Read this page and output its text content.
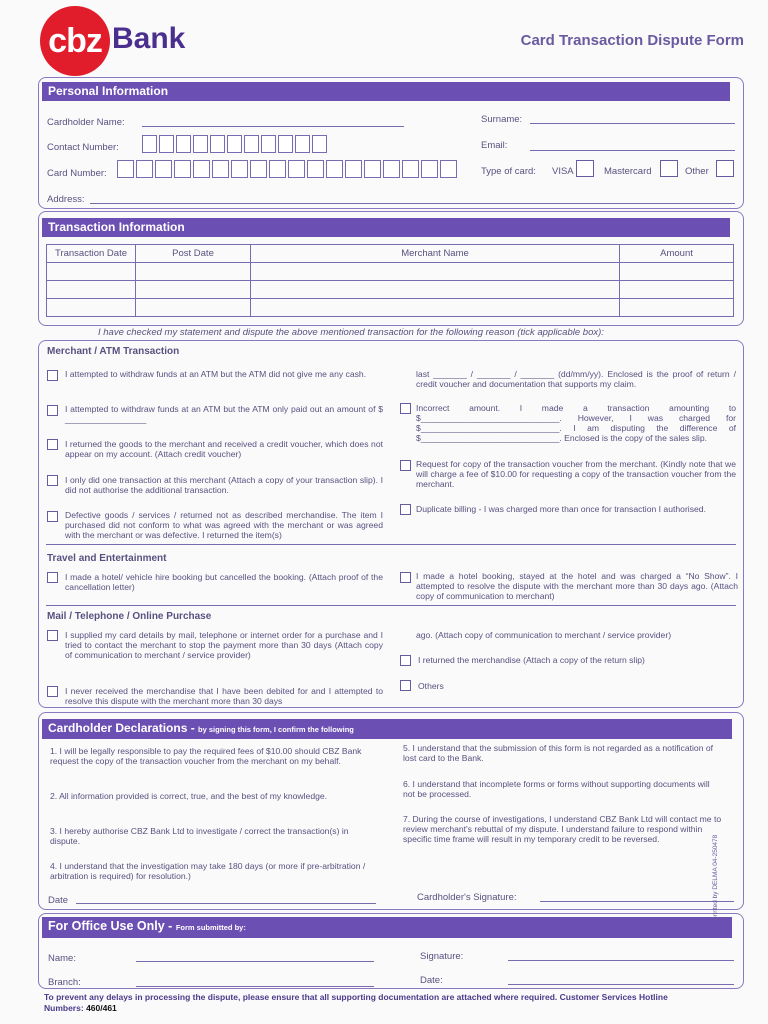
cbz Bank	Card Transaction Dispute Form
Personal Information
Cardholder Name:	Surname:
Contact Number:	Email:
Card Number:	Type of card: VISA	Mastercard	Other
Address:
Transaction Information
Transaction Date	Post Date	Merchant Name	Amount

I have checked my statement and dispute the above mentioned transaction for the following reason (tick applicable box):
Merchant / ATM Transaction
I attempted to withdraw funds at an ATM but the ATM did not give me any cash.
I attempted to withdraw funds at an ATM but the ATM only paid out an amount of $ _________________
I returned the goods to the merchant and received a credit voucher, which does not appear on my account. (Attach credit voucher)
I only did one transaction at this merchant (Attach a copy of your transaction slip). I did not authorise the additional transaction.
Defective goods / services / returned not as described merchandise. The item I purchased did not conform to what was agreed with the merchant or was agreed with the merchant or was defective. I returned the item(s)
last _______ / _______ / _______ (dd/mm/yy). Enclosed is the proof of return / credit voucher and documentation that supports my claim.
Incorrect amount. I made a transaction amounting to $_____________________________. However, I was charged for $_____________________________. I am disputing the difference of $_____________________________. Enclosed is the copy of the sales slip.
Request for copy of the transaction voucher from the merchant. (Kindly note that we will charge a fee of $10.00 for requesting a copy of the transaction voucher from the merchant.
Duplicate billing - I was charged more than once for transaction I authorised.
Travel and Entertainment
I made a hotel/ vehicle hire booking but cancelled the booking. (Attach proof of the cancellation letter)
I made a hotel booking, stayed at the hotel and was charged a “No Show”. I attempted to resolve the dispute with the merchant more than 30 days ago. (Attach copy of communication to merchant)
Mail / Telephone / Online Purchase
I supplied my card details by mail, telephone or internet order for a purchase and I tried to contact the merchant to stop the payment more than 30 days (Attach copy of communication to merchant / service provider)
I never received the merchandise that I have been debited for and I attempted to resolve this dispute with the merchant more than 30 days
ago. (Attach copy of communication to merchant / service provider)
I returned the merchandise (Attach a copy of the return slip)
Others
Cardholder Declarations - by signing this form, I confirm the following
1. I will be legally responsible to pay the required fees of $10.00 should CBZ Bank request the copy of the transaction voucher from the merchant on my behalf.
2. All information provided is correct, true, and the best of my knowledge.
3. I hereby authorise CBZ Bank Ltd to investigate / correct the transaction(s) in dispute.
4. I understand that the investigation may take 180 days (or more if pre-arbitration / arbitration is required) for resolution.)
5. I understand that the submission of this form is not regarded as a notification of lost card to the Bank.
6. I understand that incomplete forms or forms without supporting documents will not be processed.
7. During the course of investigations, I understand CBZ Bank Ltd will contact me to review merchant's rebuttal of my dispute. I understand failure to respond within specific time frame will result in my temporary credit to be reversed.
Date	Cardholder's Signature:
For Office Use Only - Form submitted by:
Name:	Signature:
Branch:	Date:
printed by DELMA 04-250478
To prevent any delays in processing the dispute, please ensure that all supporting documentation are attached where required. Customer Services Hotline
Numbers: 460/461
